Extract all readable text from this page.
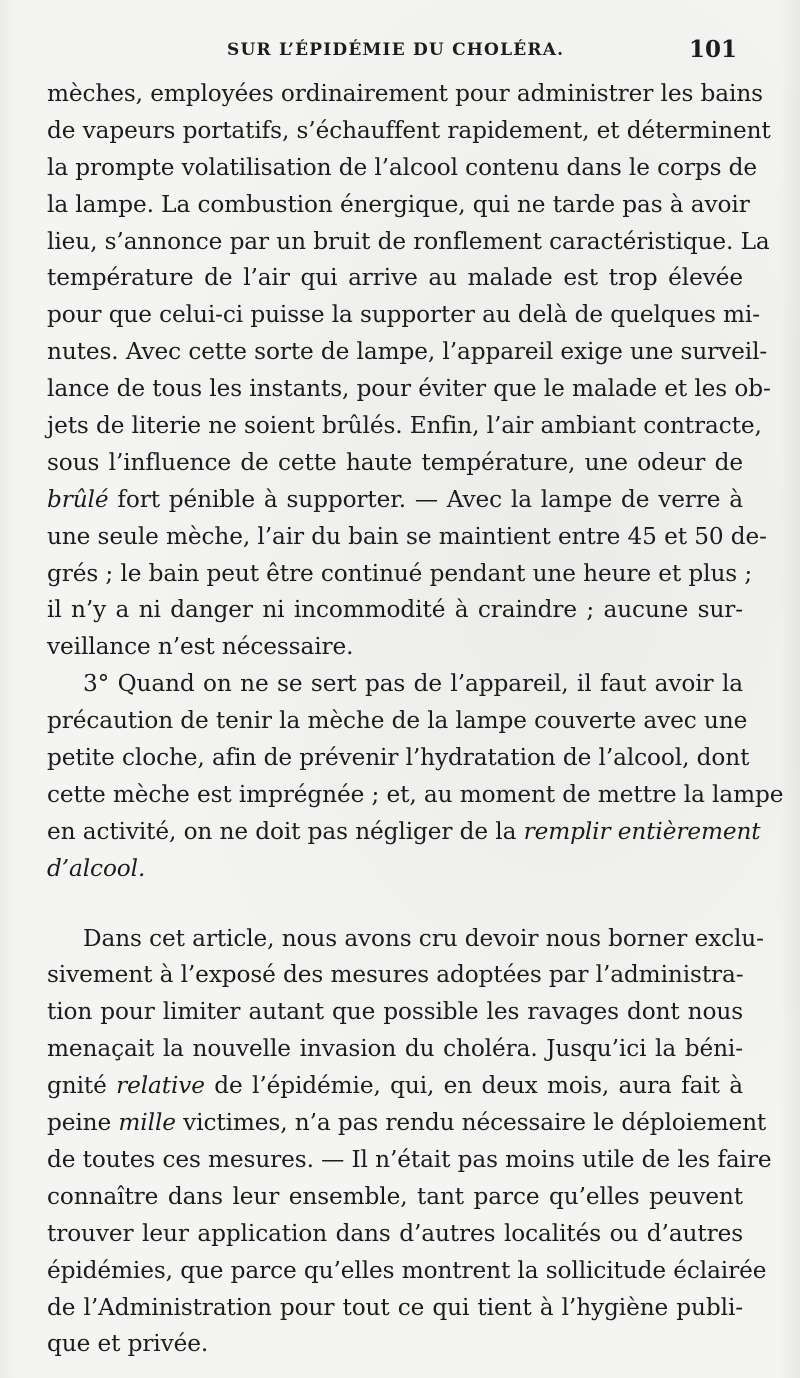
SUR L’ÉPIDÉMIE DU CHOLÉRA.	101
mèches, employées ordinairement pour administrer les bains
de vapeurs portatifs, s’échauffent rapidement, et déterminent
la prompte volatilisation de l’alcool contenu dans le corps de
la lampe. La combustion énergique, qui ne tarde pas à avoir
lieu, s’annonce par un bruit de ronflement caractéristique. La
température de l’air qui arrive au malade est trop élevée
pour que celui-ci puisse la supporter au delà de quelques mi-
nutes. Avec cette sorte de lampe, l’appareil exige une surveil-
lance de tous les instants, pour éviter que le malade et les ob-
jets de literie ne soient brûlés. Enfin, l’air ambiant contracte,
sous l’influence de cette haute température, une odeur de
brûlé fort pénible à supporter. — Avec la lampe de verre à
une seule mèche, l’air du bain se maintient entre 45 et 50 de-
grés ; le bain peut être continué pendant une heure et plus ;
il n’y a ni danger ni incommodité à craindre ; aucune sur-
veillance n’est nécessaire.
3° Quand on ne se sert pas de l’appareil, il faut avoir la
précaution de tenir la mèche de la lampe couverte avec une
petite cloche, afin de prévenir l’hydratation de l’alcool, dont
cette mèche est imprégnée ; et, au moment de mettre la lampe
en activité, on ne doit pas négliger de la remplir entièrement
d’alcool.
Dans cet article, nous avons cru devoir nous borner exclu-
sivement à l’exposé des mesures adoptées par l’administra-
tion pour limiter autant que possible les ravages dont nous
menaçait la nouvelle invasion du choléra. Jusqu’ici la béni-
gnité relative de l’épidémie, qui, en deux mois, aura fait à
peine mille victimes, n’a pas rendu nécessaire le déploiement
de toutes ces mesures. — Il n’était pas moins utile de les faire
connaître dans leur ensemble, tant parce qu’elles peuvent
trouver leur application dans d’autres localités ou d’autres
épidémies, que parce qu’elles montrent la sollicitude éclairée
de l’Administration pour tout ce qui tient à l’hygiène publi-
que et privée.
